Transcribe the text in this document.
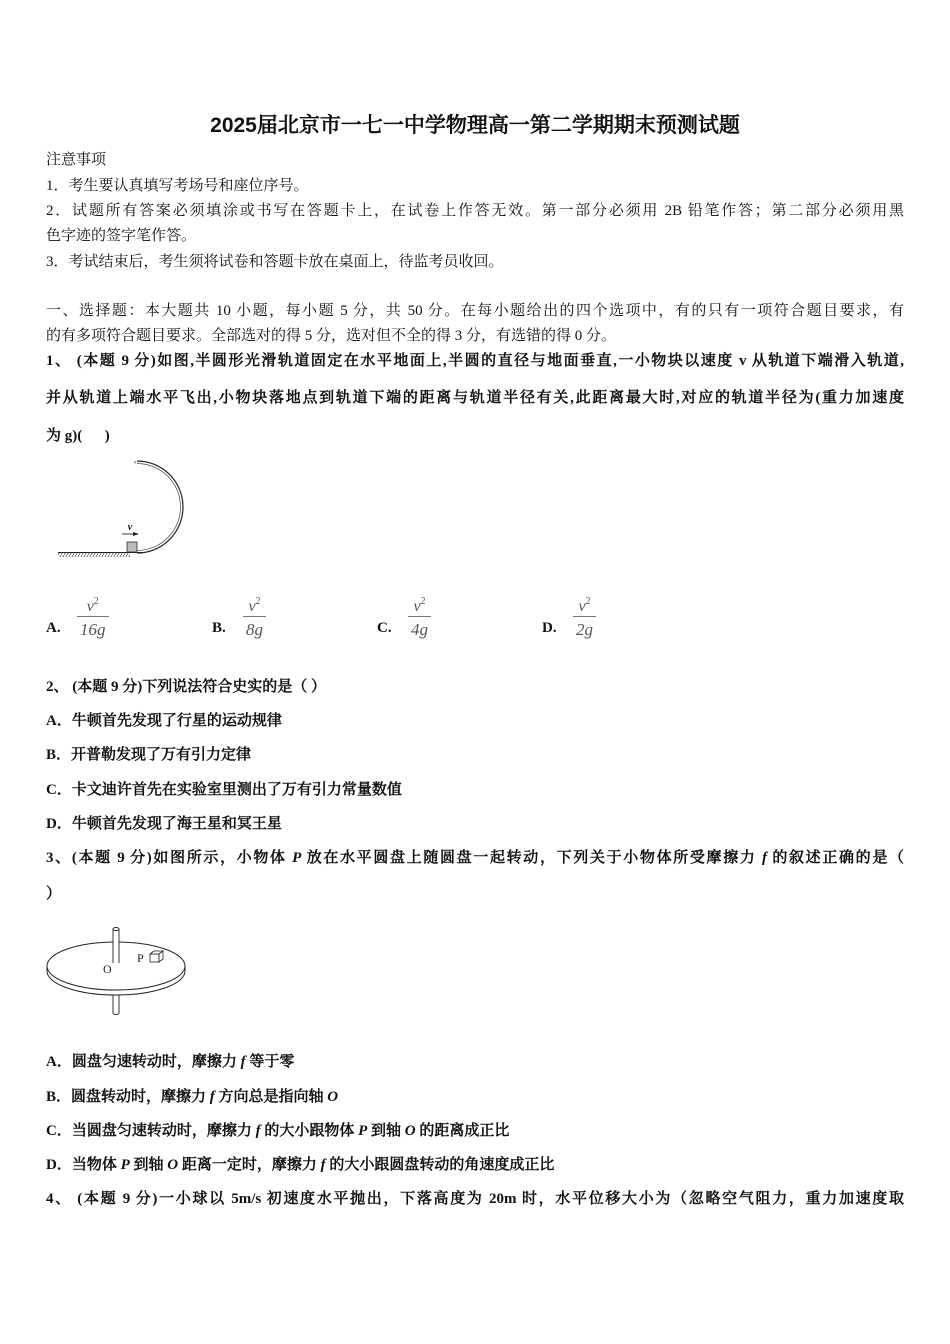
2025届北京市一七一中学物理高一第二学期期末预测试题
注意事项
1．考生要认真填写考场号和座位序号。
2．试题所有答案必须填涂或书写在答题卡上，在试卷上作答无效。第一部分必须用 2B 铅笔作答；第二部分必须用黑
色字迹的签字笔作答。
3．考试结束后，考生须将试卷和答题卡放在桌面上，待监考员收回。
一、选择题：本大题共 10 小题，每小题 5 分，共 50 分。在每小题给出的四个选项中，有的只有一项符合题目要求，有
的有多项符合题目要求。全部选对的得 5 分，选对但不全的得 3 分，有选错的得 0 分。
1、 (本题 9 分)如图,半圆形光滑轨道固定在水平地面上,半圆的直径与地面垂直,一小物块以速度 v 从轨道下端滑入轨道,
并从轨道上端水平飞出,小物块落地点到轨道下端的距离与轨道半径有关,此距离最大时,对应的轨道半径为(重力加速度
为 g)(      )
v
A. $\frac{v^2}{16g}$	B. $\frac{v^2}{8g}$	C. $\frac{v^2}{4g}$	D. $\frac{v^2}{2g}$
2、 (本题 9 分)下列说法符合史实的是（ ）
A．牛顿首先发现了行星的运动规律
B．开普勒发现了万有引力定律
C．卡文迪许首先在实验室里测出了万有引力常量数值
D．牛顿首先发现了海王星和冥王星
3、(本题 9 分)如图所示，小物体 P 放在水平圆盘上随圆盘一起转动，下列关于小物体所受摩擦力 f 的叙述正确的是（
）
O
P
A．圆盘匀速转动时，摩擦力 f 等于零
B．圆盘转动时，摩擦力 f 方向总是指向轴 O
C．当圆盘匀速转动时，摩擦力 f 的大小跟物体 P 到轴 O 的距离成正比
D．当物体 P 到轴 O 距离一定时，摩擦力 f 的大小跟圆盘转动的角速度成正比
4、 (本题 9 分)一小球以 5m/s 初速度水平抛出，下落高度为 20m 时，水平位移大小为（忽略空气阻力，重力加速度取
